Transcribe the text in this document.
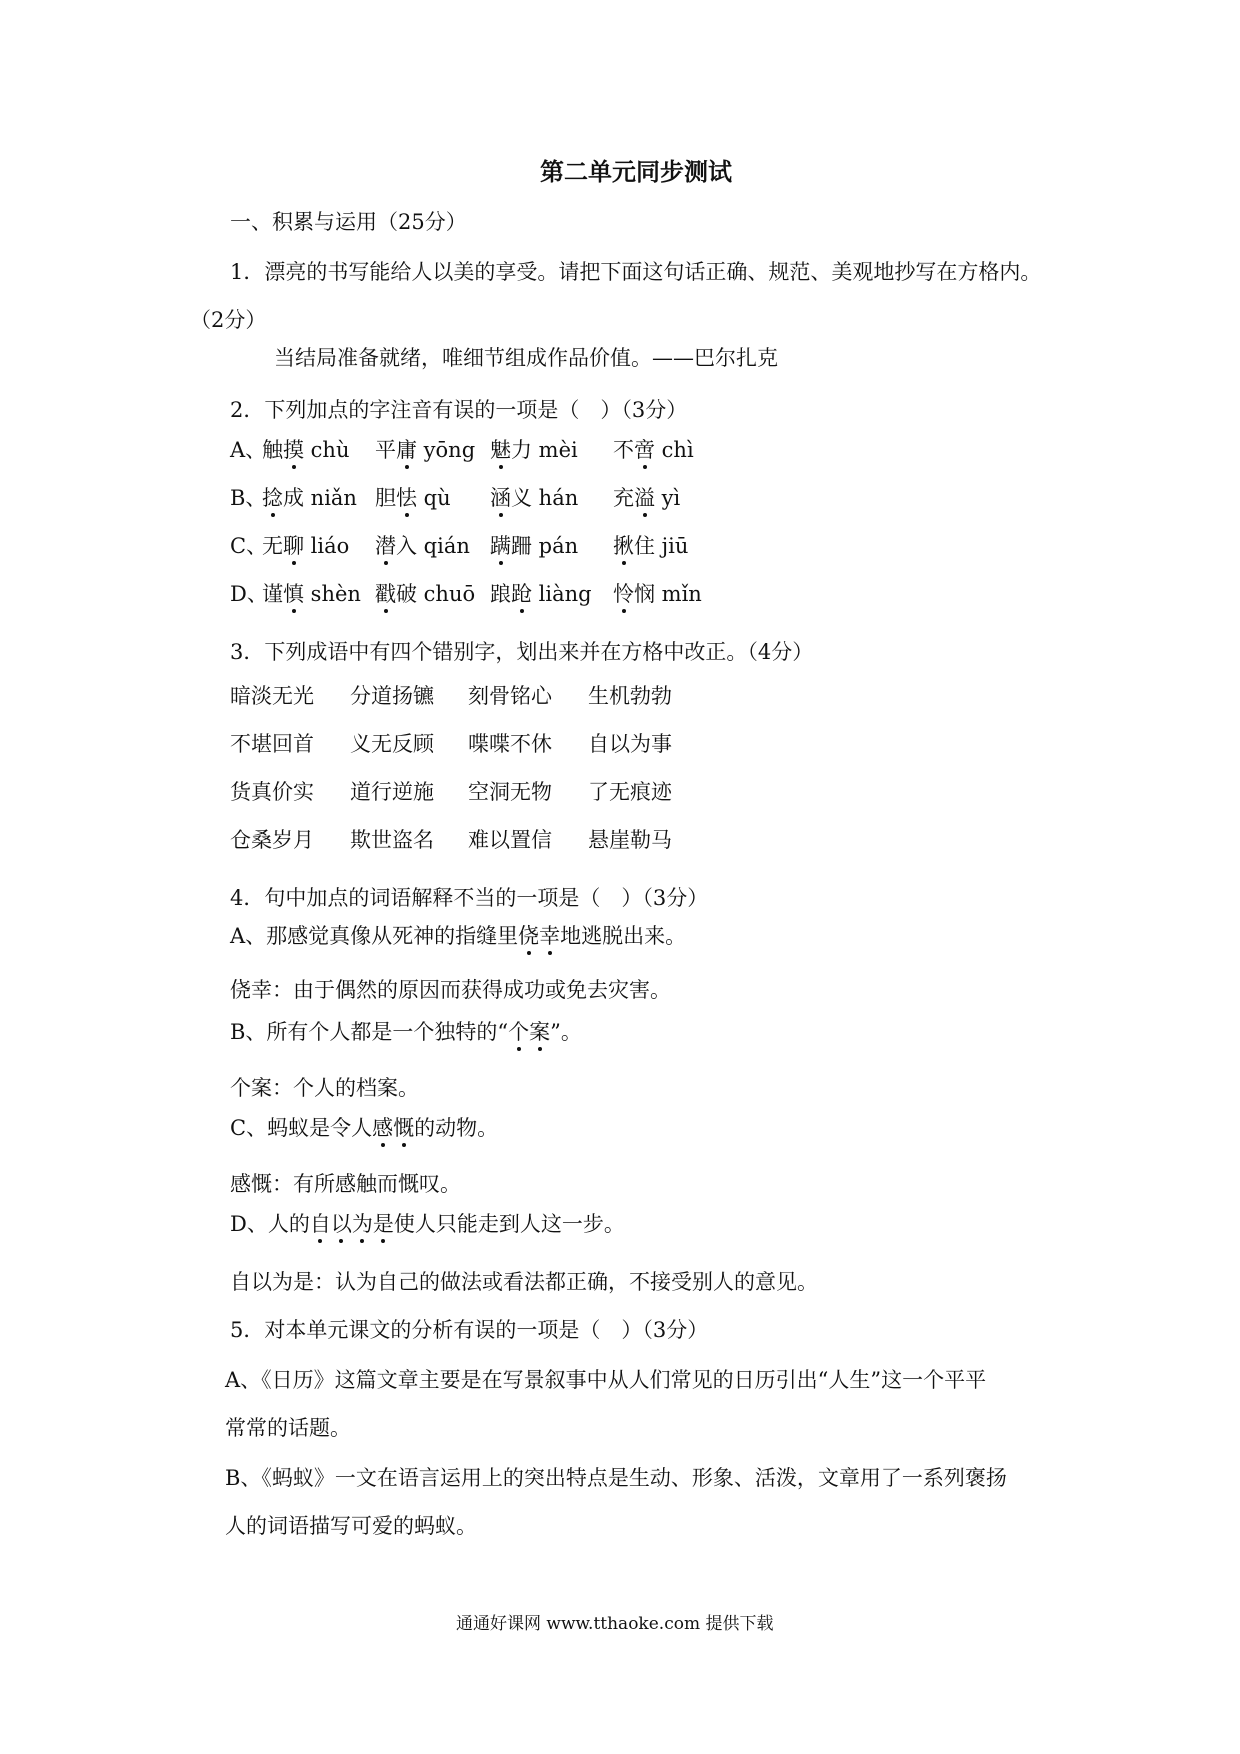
第二单元同步测试
一、积累与运用（25分）
1．漂亮的书写能给人以美的享受。请把下面这句话正确、规范、美观地抄写在方格内。
（2分）
当结局准备就绪，唯细节组成作品价值。——巴尔扎克
2．下列加点的字注音有误的一项是（　）（3分）
A、
触摸 chù 平庸 yōng 魅力 mèi 不啻 chì
B、
捻成 niǎn 胆怯 qù 涵义 hán 充溢 yì
C、
无聊 liáo 潜入 qián 蹒跚 pán 揪住 jiū
D、
谨慎 shèn 戳破 chuō 踉跄 liàng 怜悯 mǐn
3．下列成语中有四个错别字，划出来并在方格中改正。（4分）
暗淡无光 分道扬镳 刻骨铭心 生机勃勃
不堪回首 义无反顾 喋喋不休 自以为事
货真价实 道行逆施 空洞无物 了无痕迹
仓桑岁月 欺世盗名 难以置信 悬崖勒马
4．句中加点的词语解释不当的一项是（　）（3分）
A、那感觉真像从死神的指缝里侥幸地逃脱出来。
侥幸：由于偶然的原因而获得成功或免去灾害。
B、所有个人都是一个独特的“个案”。
个案：个人的档案。
C、蚂蚁是令人感慨的动物。
感慨：有所感触而慨叹。
D、人的自以为是使人只能走到人这一步。
自以为是：认为自己的做法或看法都正确，不接受别人的意见。
5．对本单元课文的分析有误的一项是（　）（3分）
A、《日历》这篇文章主要是在写景叙事中从人们常见的日历引出“人生”这一个平平
常常的话题。
B、《蚂蚁》一文在语言运用上的突出特点是生动、形象、活泼，文章用了一系列褒扬
人的词语描写可爱的蚂蚁。
通通好课网 www.tthaoke.com 提供下载
